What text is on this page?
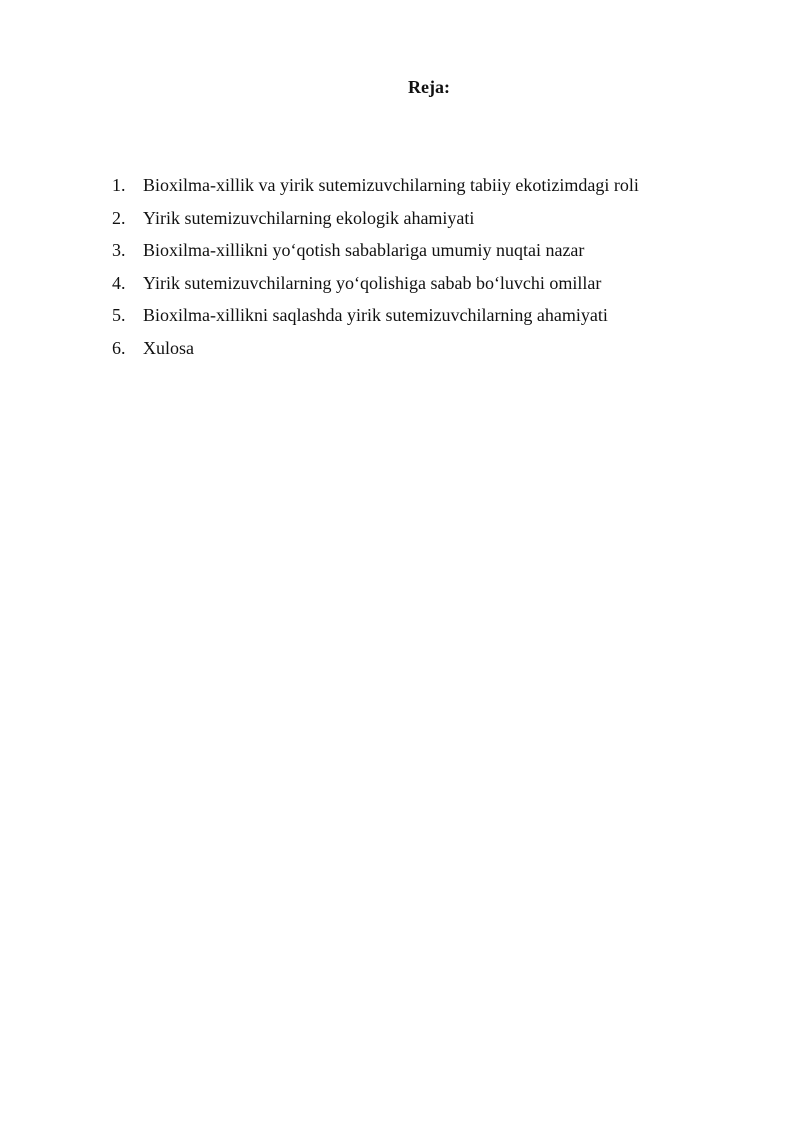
Reja:
1. Bioxilma-xillik va yirik sutemizuvchilarning tabiiy ekotizimdagi roli
2. Yirik sutemizuvchilarning ekologik ahamiyati
3. Bioxilma-xillikni yo‘qotish sabablariga umumiy nuqtai nazar
4. Yirik sutemizuvchilarning yo‘qolishiga sabab bo‘luvchi omillar
5. Bioxilma-xillikni saqlashda yirik sutemizuvchilarning ahamiyati
6. Xulosa
